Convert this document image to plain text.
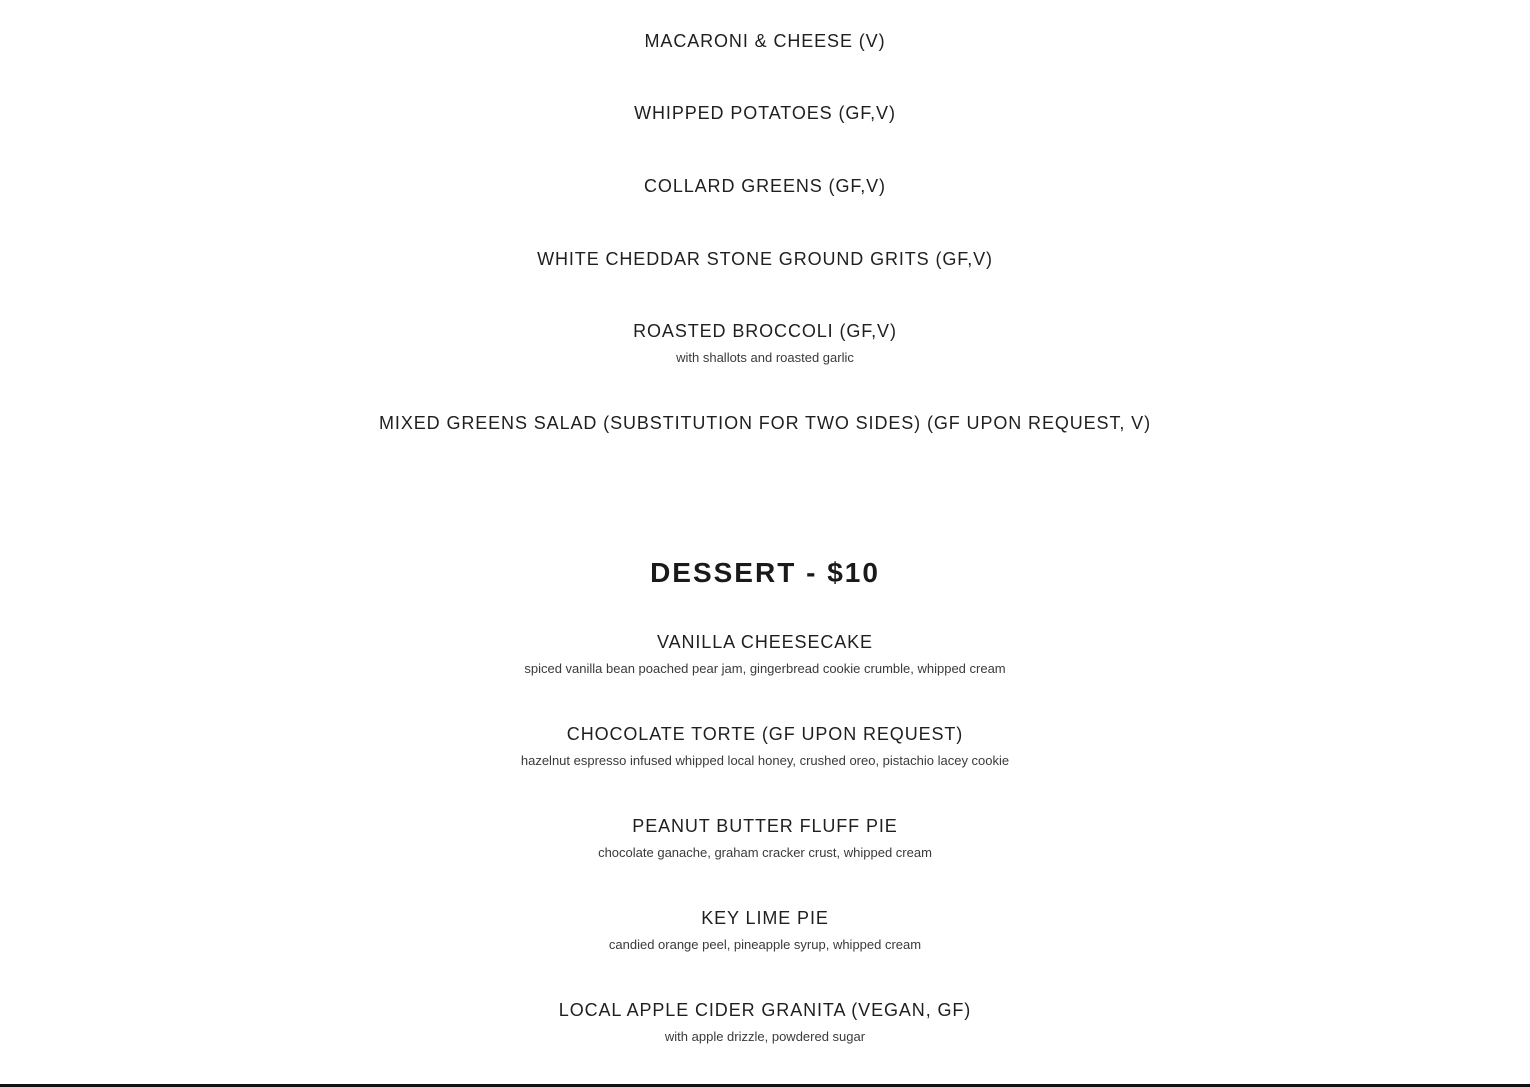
MACARONI & CHEESE (V)
WHIPPED POTATOES (GF,V)
COLLARD GREENS (GF,V)
WHITE CHEDDAR STONE GROUND GRITS (GF,V)
ROASTED BROCCOLI (GF,V)
with shallots and roasted garlic
MIXED GREENS SALAD (SUBSTITUTION FOR TWO SIDES) (GF UPON REQUEST, V)
DESSERT - $10
VANILLA CHEESECAKE
spiced vanilla bean poached pear jam, gingerbread cookie crumble, whipped cream
CHOCOLATE TORTE (GF UPON REQUEST)
hazelnut espresso infused whipped local honey, crushed oreo, pistachio lacey cookie
PEANUT BUTTER FLUFF PIE
chocolate ganache, graham cracker crust, whipped cream
KEY LIME PIE
candied orange peel, pineapple syrup, whipped cream
LOCAL APPLE CIDER GRANITA (VEGAN, GF)
with apple drizzle, powdered sugar
